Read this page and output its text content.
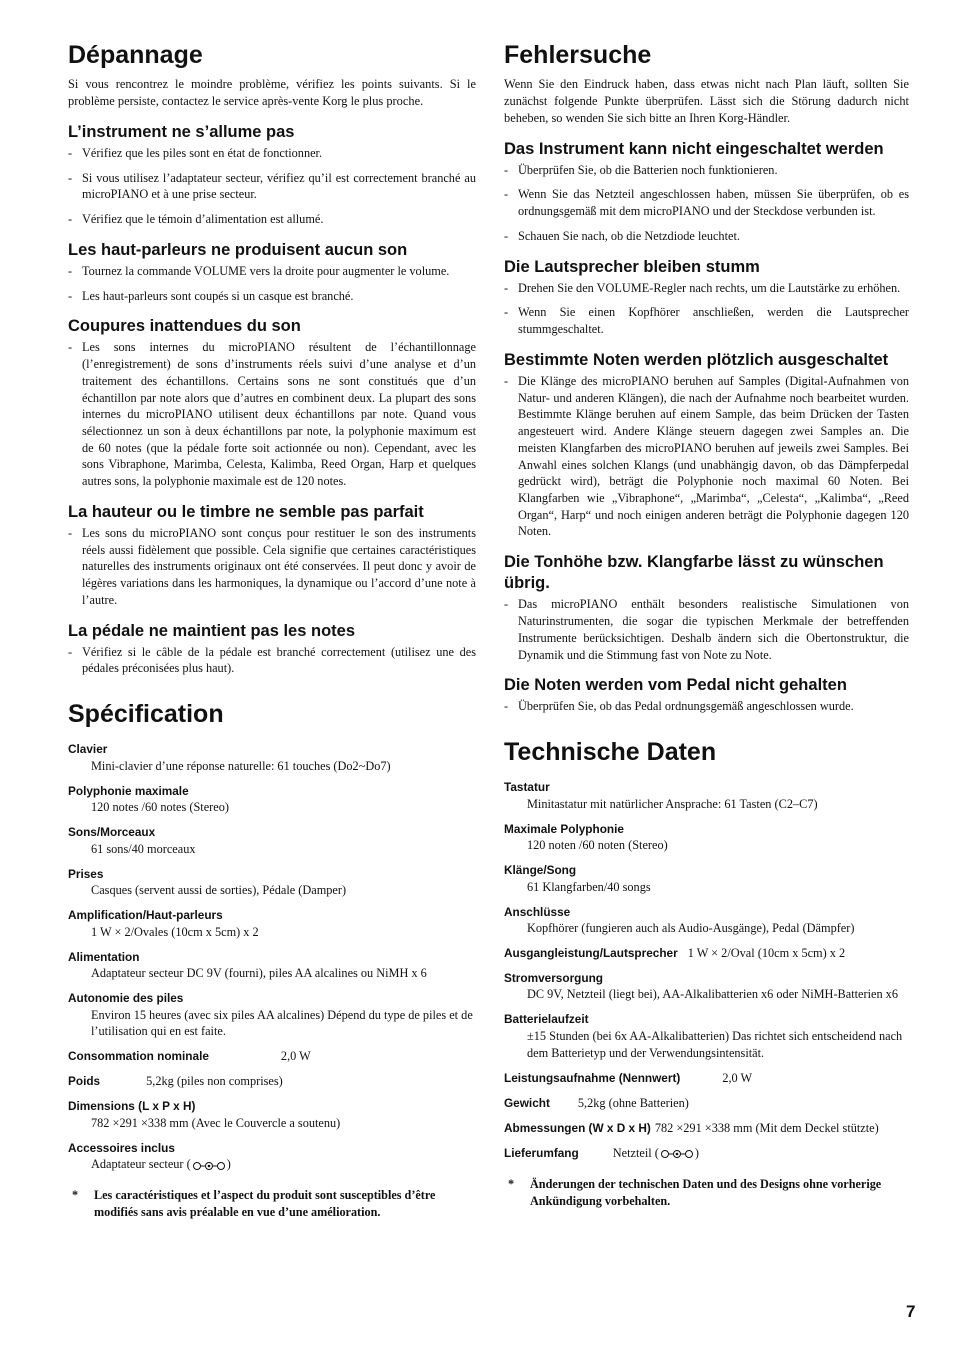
Dépannage

Si vous rencontrez le moindre problème, vérifiez les points suivants. Si le problème persiste, contactez le service après-vente Korg le plus proche.

L’instrument ne s’allume pas
- Vérifiez que les piles sont en état de fonctionner.
- Si vous utilisez l’adaptateur secteur, vérifiez qu’il est correctement branché au microPIANO et à une prise secteur.
- Vérifiez que le témoin d’alimentation est allumé.
Les haut-parleurs ne produisent aucun son
- Tournez la commande VOLUME vers la droite pour augmenter le volume.
- Les haut-parleurs sont coupés si un casque est branché.
Coupures inattendues du son
- Les sons internes du microPIANO résultent de l’échantillonnage (l’enregistrement) de sons d’instruments réels suivi d’une analyse et d’un traitement des échantillons. Certains sons ne sont constitués que d’un échantillon par note alors que d’autres en combinent deux. La plupart des sons internes du microPIANO utilisent deux échantillons par note. Quand vous sélectionnez un son à deux échantillons par note, la polyphonie maximum est de 60 notes (que la pédale forte soit actionnée ou non). Cependant, avec les sons Vibraphone, Marimba, Celesta, Kalimba, Reed Organ, Harp et quelques autres sons, la polyphonie maximale est de 120 notes.
La hauteur ou le timbre ne semble pas parfait
- Les sons du microPIANO sont conçus pour restituer le son des instruments réels aussi fidèlement que possible. Cela signifie que certaines caractéristiques naturelles des instruments originaux ont été conservées. Il peut donc y avoir de légères variations dans les harmoniques, la dynamique ou l’accord d’une note à l’autre.
La pédale ne maintient pas les notes
- Vérifiez si le câble de la pédale est branché correctement (utilisez une des pédales préconisées plus haut).
Spécification
Clavier
Mini-clavier d’une réponse naturelle: 61 touches (Do2~Do7)
Polyphonie maximale
120 notes /60 notes (Stereo)
Sons/Morceaux
61 sons/40 morceaux
Prises
Casques (servent aussi de sorties), Pédale (Damper)
Amplification/Haut-parleurs
1 W × 2/Ovales (10cm x 5cm) x 2
Alimentation
Adaptateur secteur DC 9V (fourni), piles AA alcalines ou NiMH x 6
Autonomie des piles
Environ 15 heures (avec six piles AA alcalines) Dépend du type de piles et de l’utilisation qui en est faite.
Consommation nominale	2,0 W
Poids	5,2kg (piles non comprises)
Dimensions (L x P x H)
782 ×291 ×338 mm (Avec le Couvercle a soutenu)
Accessoires inclus
Adaptateur secteur (	)
*	Les caractéristiques et l’aspect du produit sont susceptibles d’être modifiés sans avis préalable en vue d’une amélioration.
Fehlersuche

Wenn Sie den Eindruck haben, dass etwas nicht nach Plan läuft, sollten Sie zunächst folgende Punkte überprüfen. Lässt sich die Störung dadurch nicht beheben, so wenden Sie sich bitte an Ihren Korg-Händler.

Das Instrument kann nicht eingeschaltet werden
- Überprüfen Sie, ob die Batterien noch funktionieren.
- Wenn Sie das Netzteil angeschlossen haben, müssen Sie überprüfen, ob es ordnungsgemäß mit dem microPIANO und der Steckdose verbunden ist.
- Schauen Sie nach, ob die Netzdiode leuchtet.
Die Lautsprecher bleiben stumm
- Drehen Sie den VOLUME-Regler nach rechts, um die Lautstärke zu erhöhen.
- Wenn Sie einen Kopfhörer anschließen, werden die Lautsprecher stummgeschaltet.
Bestimmte Noten werden plötzlich ausgeschaltet
- Die Klänge des microPIANO beruhen auf Samples (Digital-Aufnahmen von Natur- und anderen Klängen), die nach der Aufnahme noch bearbeitet wurden. Bestimmte Klänge beruhen auf einem Sample, das beim Drücken der Tasten angesteuert wird. Andere Klänge steuern dagegen zwei Samples an. Die meisten Klangfarben des microPIANO beruhen auf jeweils zwei Samples. Bei Anwahl eines solchen Klangs (und unabhängig davon, ob das Dämpferpedal gedrückt wird), beträgt die Polyphonie noch maximal 60 Noten. Bei Klangfarben wie „Vibraphone“, „Marimba“, „Celesta“, „Kalimba“, „Reed Organ“, Harp“ und noch einigen anderen beträgt die Polyphonie dagegen 120 Noten.
Die Tonhöhe bzw. Klangfarbe lässt zu wünschen übrig.
- Das microPIANO enthält besonders realistische Simulationen von Naturinstrumenten, die sogar die typischen Merkmale der betreffenden Instrumente berücksichtigen. Deshalb ändern sich die Obertonstruktur, die Dynamik und die Stimmung fast von Note zu Note.
Die Noten werden vom Pedal nicht gehalten
- Überprüfen Sie, ob das Pedal ordnungsgemäß angeschlossen wurde.
Technische Daten
Tastatur
Minitastatur mit natürlicher Ansprache: 61 Tasten (C2–C7)
Maximale Polyphonie
120 noten /60 noten (Stereo)
Klänge/Song
61 Klangfarben/40 songs
Anschlüsse
Kopfhörer (fungieren auch als Audio-Ausgänge), Pedal (Dämpfer)
Ausgangleistung/Lautsprecher 1 W × 2/Oval (10cm x 5cm) x 2
Stromversorgung
DC 9V, Netzteil (liegt bei), AA-Alkalibatterien x6 oder NiMH-Batterien x6
Batterielaufzeit
±15 Stunden (bei 6x AA-Alkalibatterien) Das richtet sich entscheidend nach dem Batterietyp und der Verwendungsintensität.
Leistungsaufnahme (Nennwert)	2,0 W
Gewicht	5,2kg (ohne Batterien)
Abmessungen (W x D x H) 782 ×291 ×338 mm (Mit dem Deckel stützte)
Lieferumfang	Netzteil (	)
*	Änderungen der technischen Daten und des Designs ohne vorherige Ankündigung vorbehalten.
7
